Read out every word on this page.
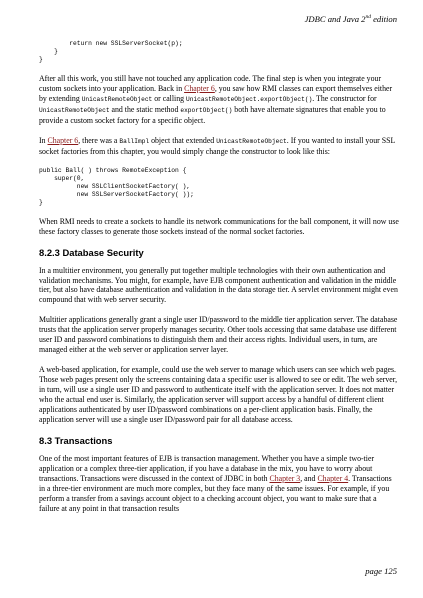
JDBC and Java 2nd edition
return new SSLServerSocket(p);
}
}

After all this work, you still have not touched any application code. The final step is when you integrate your custom sockets into your application. Back in Chapter 6, you saw how RMI classes can export themselves either by extending UnicastRemoteObject or calling UnicastRemoteObject.exportObject(). The constructor for UnicastRemoteObject and the static method exportObject() both have alternate signatures that enable you to provide a custom socket factory for a specific object.

In Chapter 6, there was a BallImpl object that extended UnicastRemoteObject. If you wanted to install your SSL socket factories from this chapter, you would simply change the constructor to look like this:

public Ball( ) throws RemoteException {
super(0,
new SSLClientSocketFactory( ),
new SSLServerSocketFactory( ));
}

When RMI needs to create a sockets to handle its network communications for the ball component, it will now use these factory classes to generate those sockets instead of the normal socket factories.

8.2.3 Database Security

In a multitier environment, you generally put together multiple technologies with their own authentication and validation mechanisms. You might, for example, have EJB component authentication and validation in the middle tier, but also have database authentication and validation in the data storage tier. A servlet environment might even compound that with web server security.

Multitier applications generally grant a single user ID/password to the middle tier application server. The database trusts that the application server properly manages security. Other tools accessing that same database use different user ID and password combinations to distinguish them and their access rights. Individual users, in turn, are managed either at the web server or application server layer.

A web-based application, for example, could use the web server to manage which users can see which web pages. Those web pages present only the screens containing data a specific user is allowed to see or edit. The web server, in turn, will use a single user ID and password to authenticate itself with the application server. It does not matter who the actual end user is. Similarly, the application server will support access by a handful of different client applications authenticated by user ID/password combinations on a per-client application basis. Finally, the application server will use a single user ID/password pair for all database access.

8.3 Transactions

One of the most important features of EJB is transaction management. Whether you have a simple two-tier application or a complex three-tier application, if you have a database in the mix, you have to worry about transactions. Transactions were discussed in the context of JDBC in both Chapter 3, and Chapter 4. Transactions in a three-tier environment are much more complex, but they face many of the same issues. For example, if you perform a transfer from a savings account object to a checking account object, you want to make sure that a failure at any point in that transaction results

page 125
